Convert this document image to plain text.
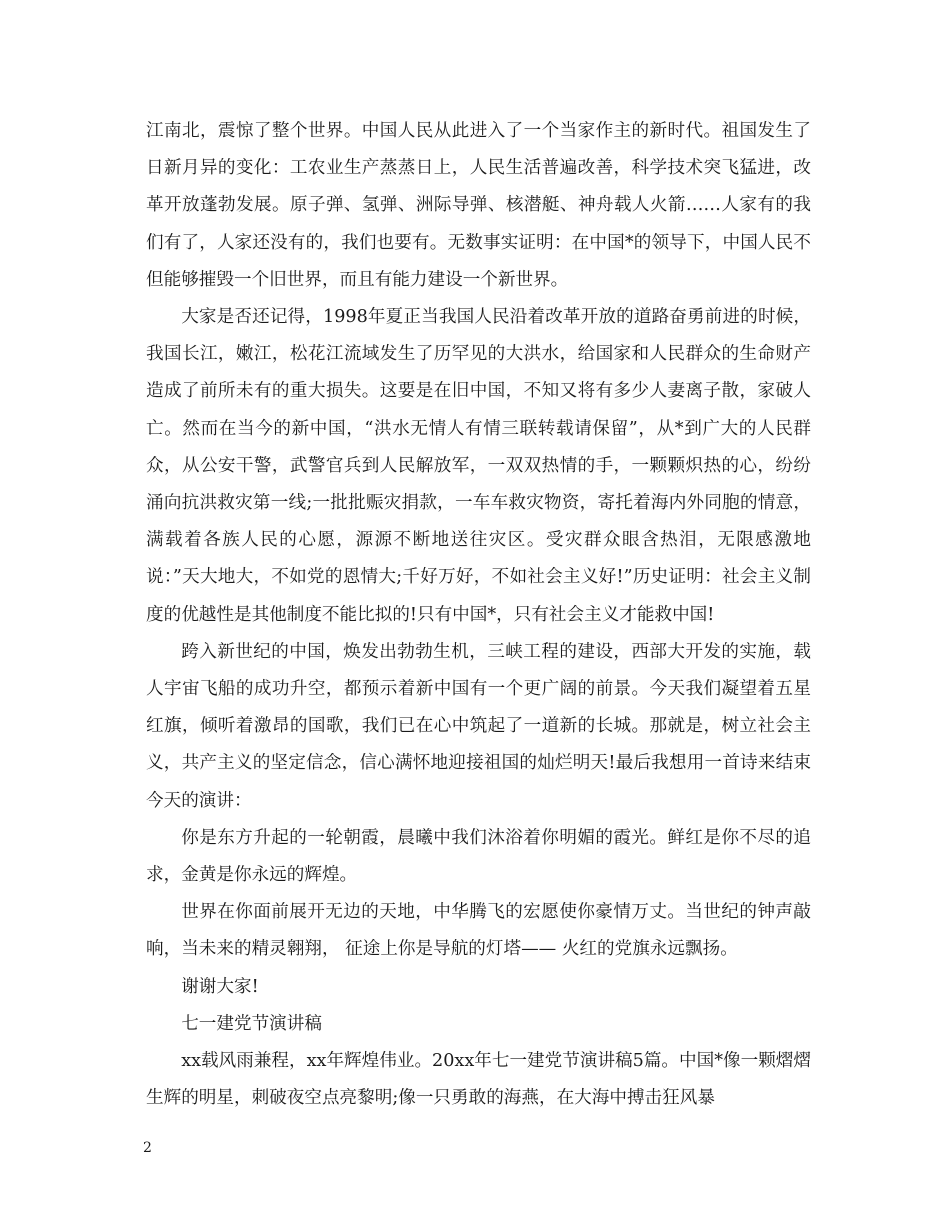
江南北，震惊了整个世界。中国人民从此进入了一个当家作主的新时代。祖国发生了日新月异的变化：工农业生产蒸蒸日上，人民生活普遍改善，科学技术突飞猛进，改革开放蓬勃发展。原子弹、氢弹、洲际导弹、核潜艇、神舟载人火箭……人家有的我们有了，人家还没有的，我们也要有。无数事实证明：在中国*的领导下，中国人民不但能够摧毁一个旧世界，而且有能力建设一个新世界。

大家是否还记得，1998年夏正当我国人民沿着改革开放的道路奋勇前进的时候，我国长江，嫩江，松花江流域发生了历罕见的大洪水，给国家和人民群众的生命财产造成了前所未有的重大损失。这要是在旧中国，不知又将有多少人妻离子散，家破人亡。然而在当今的新中国，“洪水无情人有情三联转载请保留”，从*到广大的人民群众，从公安干警，武警官兵到人民解放军，一双双热情的手，一颗颗炽热的心，纷纷涌向抗洪救灾第一线;一批批赈灾捐款，一车车救灾物资，寄托着海内外同胞的情意，满载着各族人民的心愿，源源不断地送往灾区。受灾群众眼含热泪，无限感激地说：”天大地大，不如党的恩情大;千好万好，不如社会主义好!”历史证明：社会主义制度的优越性是其他制度不能比拟的!只有中国*，只有社会主义才能救中国!

跨入新世纪的中国，焕发出勃勃生机，三峡工程的建设，西部大开发的实施，载人宇宙飞船的成功升空，都预示着新中国有一个更广阔的前景。今天我们凝望着五星红旗，倾听着激昂的国歌，我们已在心中筑起了一道新的长城。那就是，树立社会主义，共产主义的坚定信念，信心满怀地迎接祖国的灿烂明天!最后我想用一首诗来结束今天的演讲：

你是东方升起的一轮朝霞，晨曦中我们沐浴着你明媚的霞光。鲜红是你不尽的追求，金黄是你永远的辉煌。

世界在你面前展开无边的天地，中华腾飞的宏愿使你豪情万丈。当世纪的钟声敲响，当未来的精灵翱翔， 征途上你是导航的灯塔—— 火红的党旗永远飘扬。

谢谢大家!

七一建党节演讲稿

xx载风雨兼程，xx年辉煌伟业。20xx年七一建党节演讲稿5篇。中国*像一颗熠熠生辉的明星，刺破夜空点亮黎明;像一只勇敢的海燕，在大海中搏击狂风暴

2
